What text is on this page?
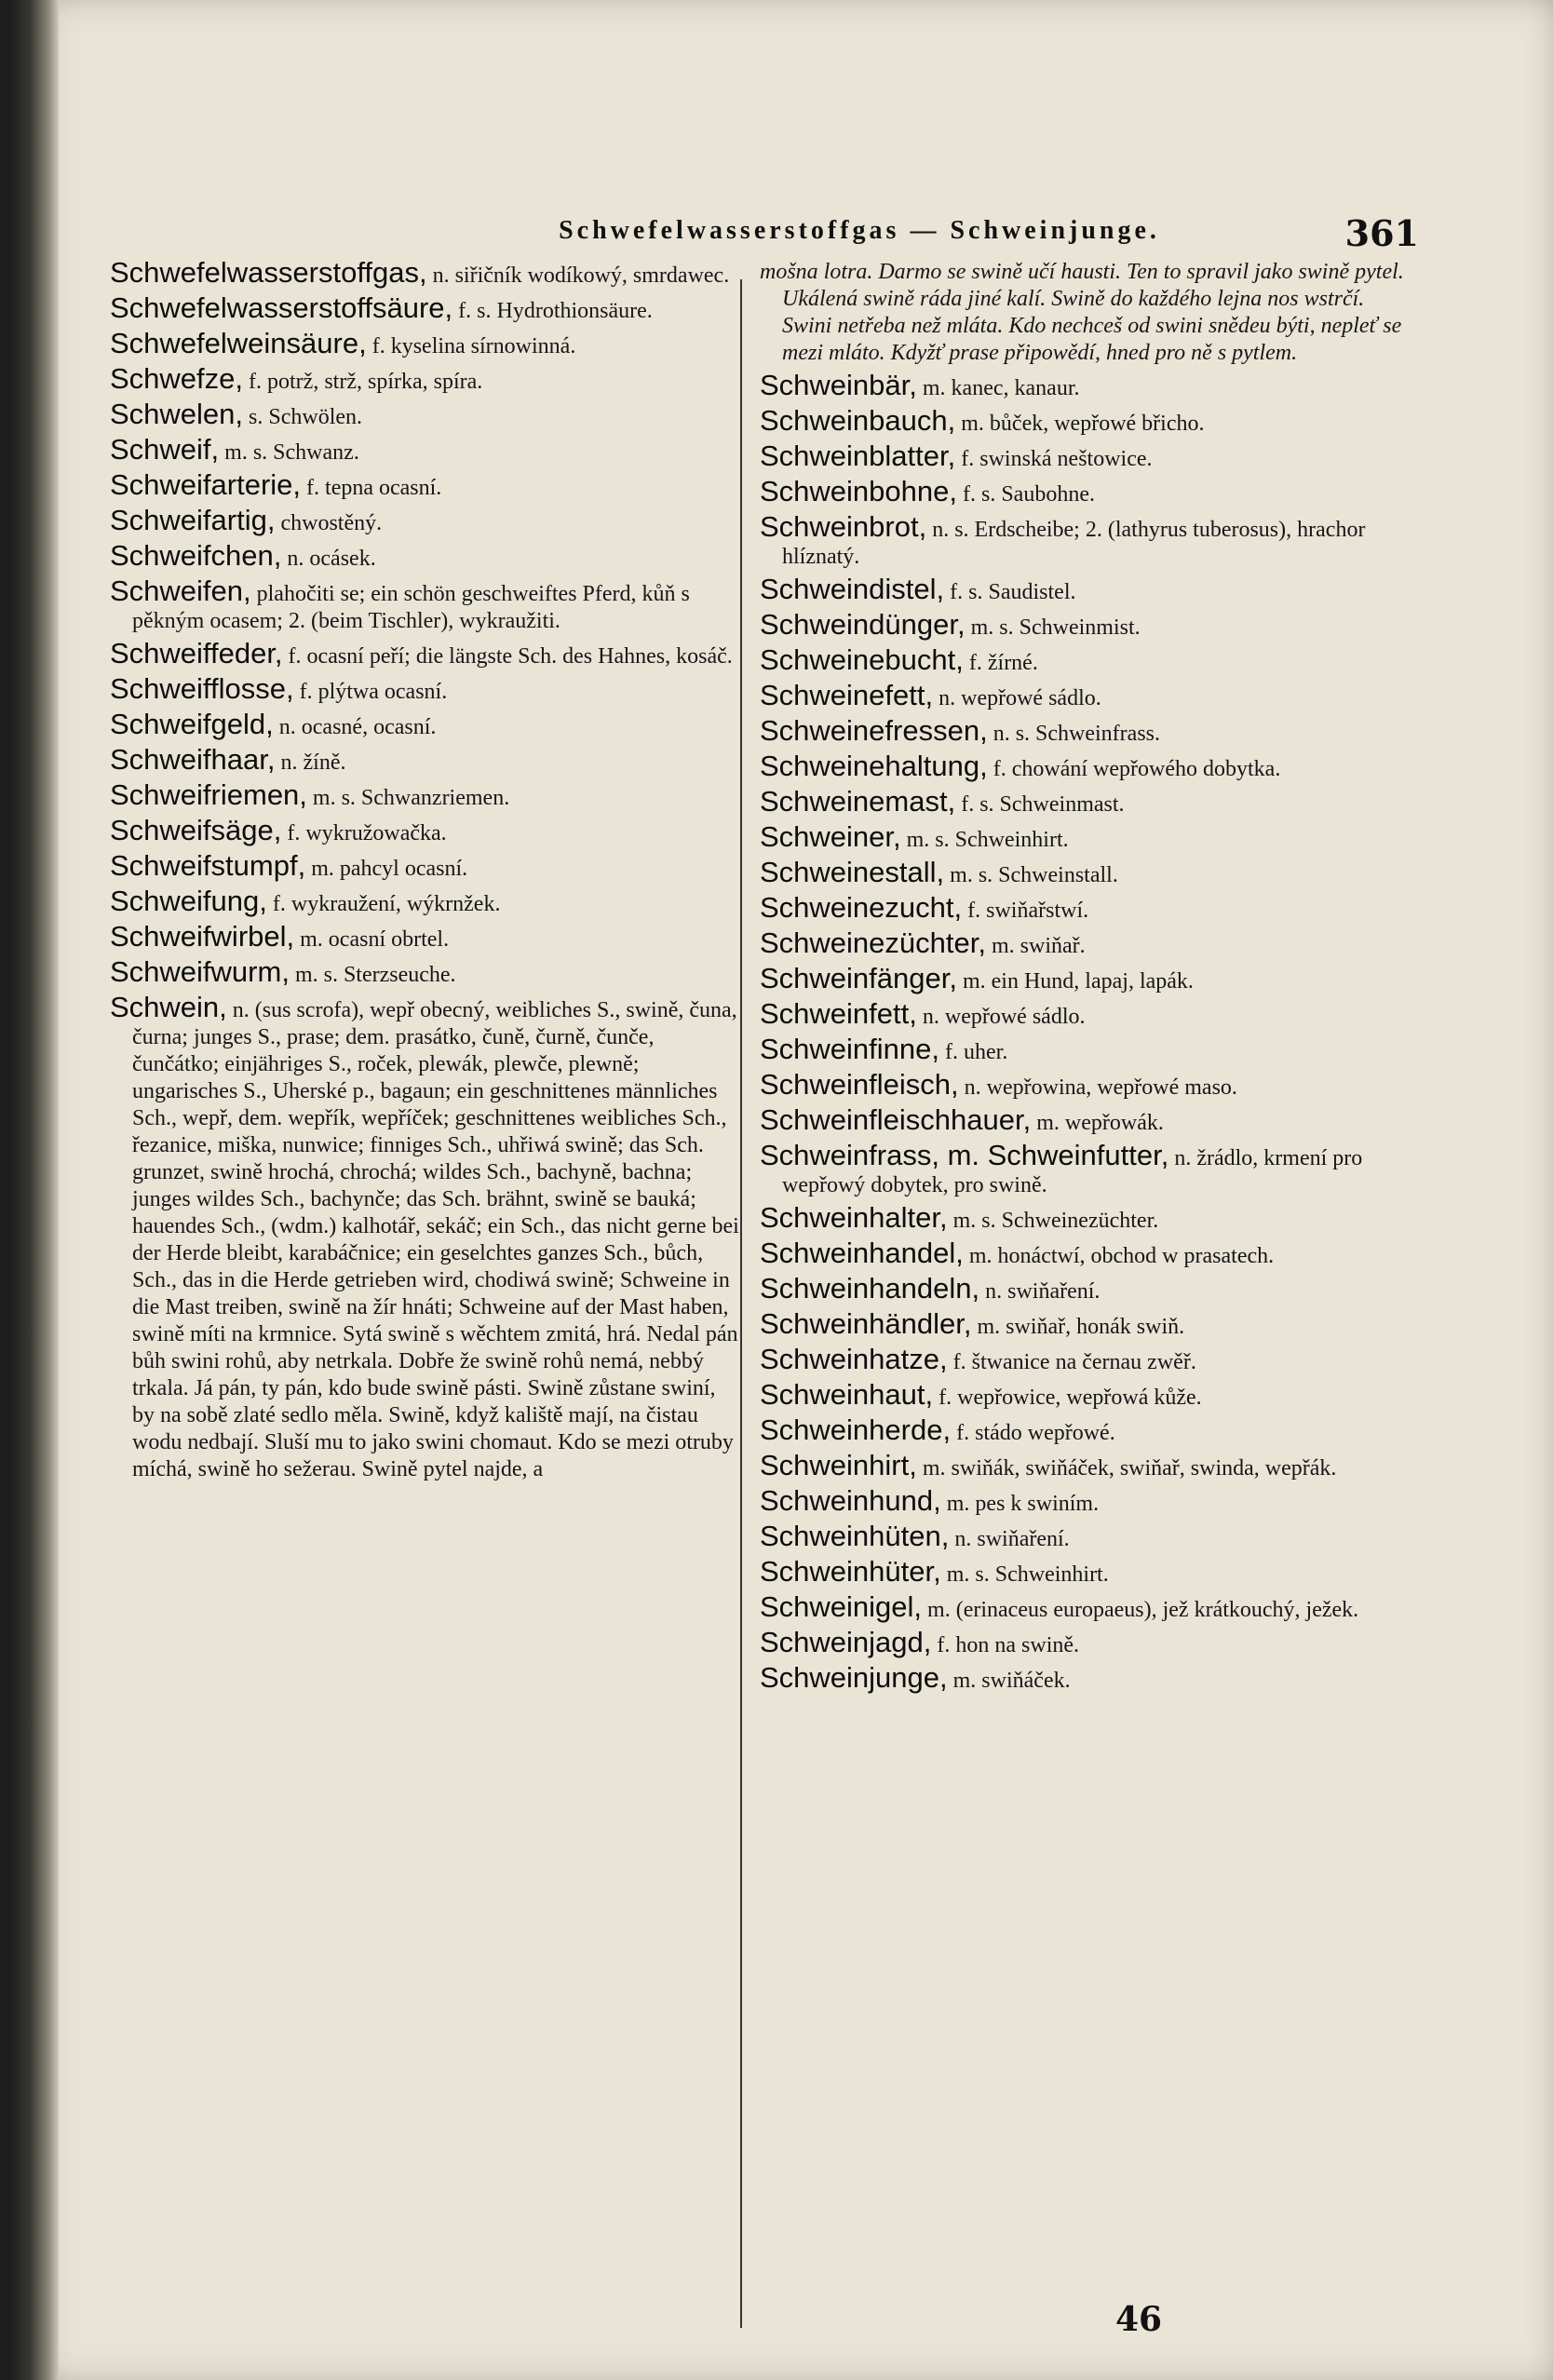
Schwefelwasserstoffgas — Schweinjunge.	361
Schwefelwasserstoffgas, n. siřičník wodíkowý, smrdawec.
Schwefelwasserstoffsäure, f. s. Hydrothionsäure.
Schwefelweinsäure, f. kyselina sírnowinná.
Schwefze, f. potrž, strž, spírka, spíra.
Schwelen, s. Schwölen.
Schweif, m. s. Schwanz.
Schweifarterie, f. tepna ocasní.
Schweifartig, chwostěný.
Schweifchen, n. ocásek.
Schweifen, plahočiti se; ein schön geschweiftes Pferd, kůň s pěkným ocasem; 2. (beim Tischler), wykraužiti.
Schweiffeder, f. ocasní peří; die längste Sch. des Hahnes, kosáč.
Schweifflosse, f. plýtwa ocasní.
Schweifgeld, n. ocasné, ocasní.
Schweifhaar, n. žíně.
Schweifriemen, m. s. Schwanzriemen.
Schweifsäge, f. wykružowačka.
Schweifstumpf, m. pahcyl ocasní.
Schweifung, f. wykraužení, wýkrnžek.
Schweifwirbel, m. ocasní obrtel.
Schweifwurm, m. s. Sterzseuche.
Schwein, n. (sus scrofa), wepř obecný, weibliches S., swině, čuna, čurna; junges S., prase; dem. prasátko, čuně, čurně, čunče, čunčátko; einjähriges S., roček, plewák, plewče, plewně; ungarisches S., Uherské p., bagaun; ein geschnittenes männliches Sch., wepř, dem. wepřík, wepříček; geschnittenes weibliches Sch., řezanice, miška, nunwice; finniges Sch., uhřiwá swině; das Sch. grunzet, swině hrochá, chrochá; wildes Sch., bachyně, bachna; junges wildes Sch., bachynče; das Sch. brähnt, swině se bauká; hauendes Sch., (wdm.) kalhotář, sekáč; ein Sch., das nicht gerne bei der Herde bleibt, karabáčnice; ein geselchtes ganzes Sch., bůch, Sch., das in die Herde getrieben wird, chodiwá swině; Schweine in die Mast treiben, swině na žír hnáti; Schweine auf der Mast haben, swině míti na krmnice. Sytá swině s wěchtem zmitá, hrá. Nedal pán bůh swini rohů, aby netrkala. Dobře že swině rohů nemá, nebbý trkala. Já pán, ty pán, kdo bude swině pásti. Swině zůstane swiní, by na sobě zlaté sedlo měla. Swině, když kaliště mají, na čistau wodu nedbají. Sluší mu to jako swini chomaut. Kdo se mezi otruby míchá, swině ho sežerau. Swině pytel najde, a
mošna lotra. Darmo se swině učí hausti. Ten to spravil jako swině pytel. Ukálená swině ráda jiné kalí. Swině do každého lejna nos wstrčí. Swini netřeba než mláta. Kdo nechceš od swini snědeu býti, nepleť se mezi mláto. Kdyžť prase připowědí, hned pro ně s pytlem.
Schweinbär, m. kanec, kanaur.
Schweinbauch, m. bůček, wepřowé břicho.
Schweinblatter, f. swinská neštowice.
Schweinbohne, f. s. Saubohne.
Schweinbrot, n. s. Erdscheibe; 2. (lathyrus tuberosus), hrachor hlíznatý.
Schweindistel, f. s. Saudistel.
Schweindünger, m. s. Schweinmist.
Schweinebucht, f. žírné.
Schweinefett, n. wepřowé sádlo.
Schweinefressen, n. s. Schweinfrass.
Schweinehaltung, f. chowání wepřowého dobytka.
Schweinemast, f. s. Schweinmast.
Schweiner, m. s. Schweinhirt.
Schweinestall, m. s. Schweinstall.
Schweinezucht, f. swiňařstwí.
Schweinezüchter, m. swiňař.
Schweinfänger, m. ein Hund, lapaj, lapák.
Schweinfett, n. wepřowé sádlo.
Schweinfinne, f. uher.
Schweinfleisch, n. wepřowina, wepřowé maso.
Schweinfleischhauer, m. wepřowák.
Schweinfrass, m. Schweinfutter, n. žrádlo, krmení pro wepřowý dobytek, pro swině.
Schweinhalter, m. s. Schweinezüchter.
Schweinhandel, m. honáctwí, obchod w prasatech.
Schweinhandeln, n. swiňaření.
Schweinhändler, m. swiňař, honák swiň.
Schweinhatze, f. štwanice na černau zwěř.
Schweinhaut, f. wepřowice, wepřowá kůže.
Schweinherde, f. stádo wepřowé.
Schweinhirt, m. swiňák, swiňáček, swiňař, swinda, wepřák.
Schweinhund, m. pes k swiním.
Schweinhüten, n. swiňaření.
Schweinhüter, m. s. Schweinhirt.
Schweinigel, m. (erinaceus europaeus), jež krátkouchý, ježek.
Schweinjagd, f. hon na swině.
Schweinjunge, m. swiňáček.
46
